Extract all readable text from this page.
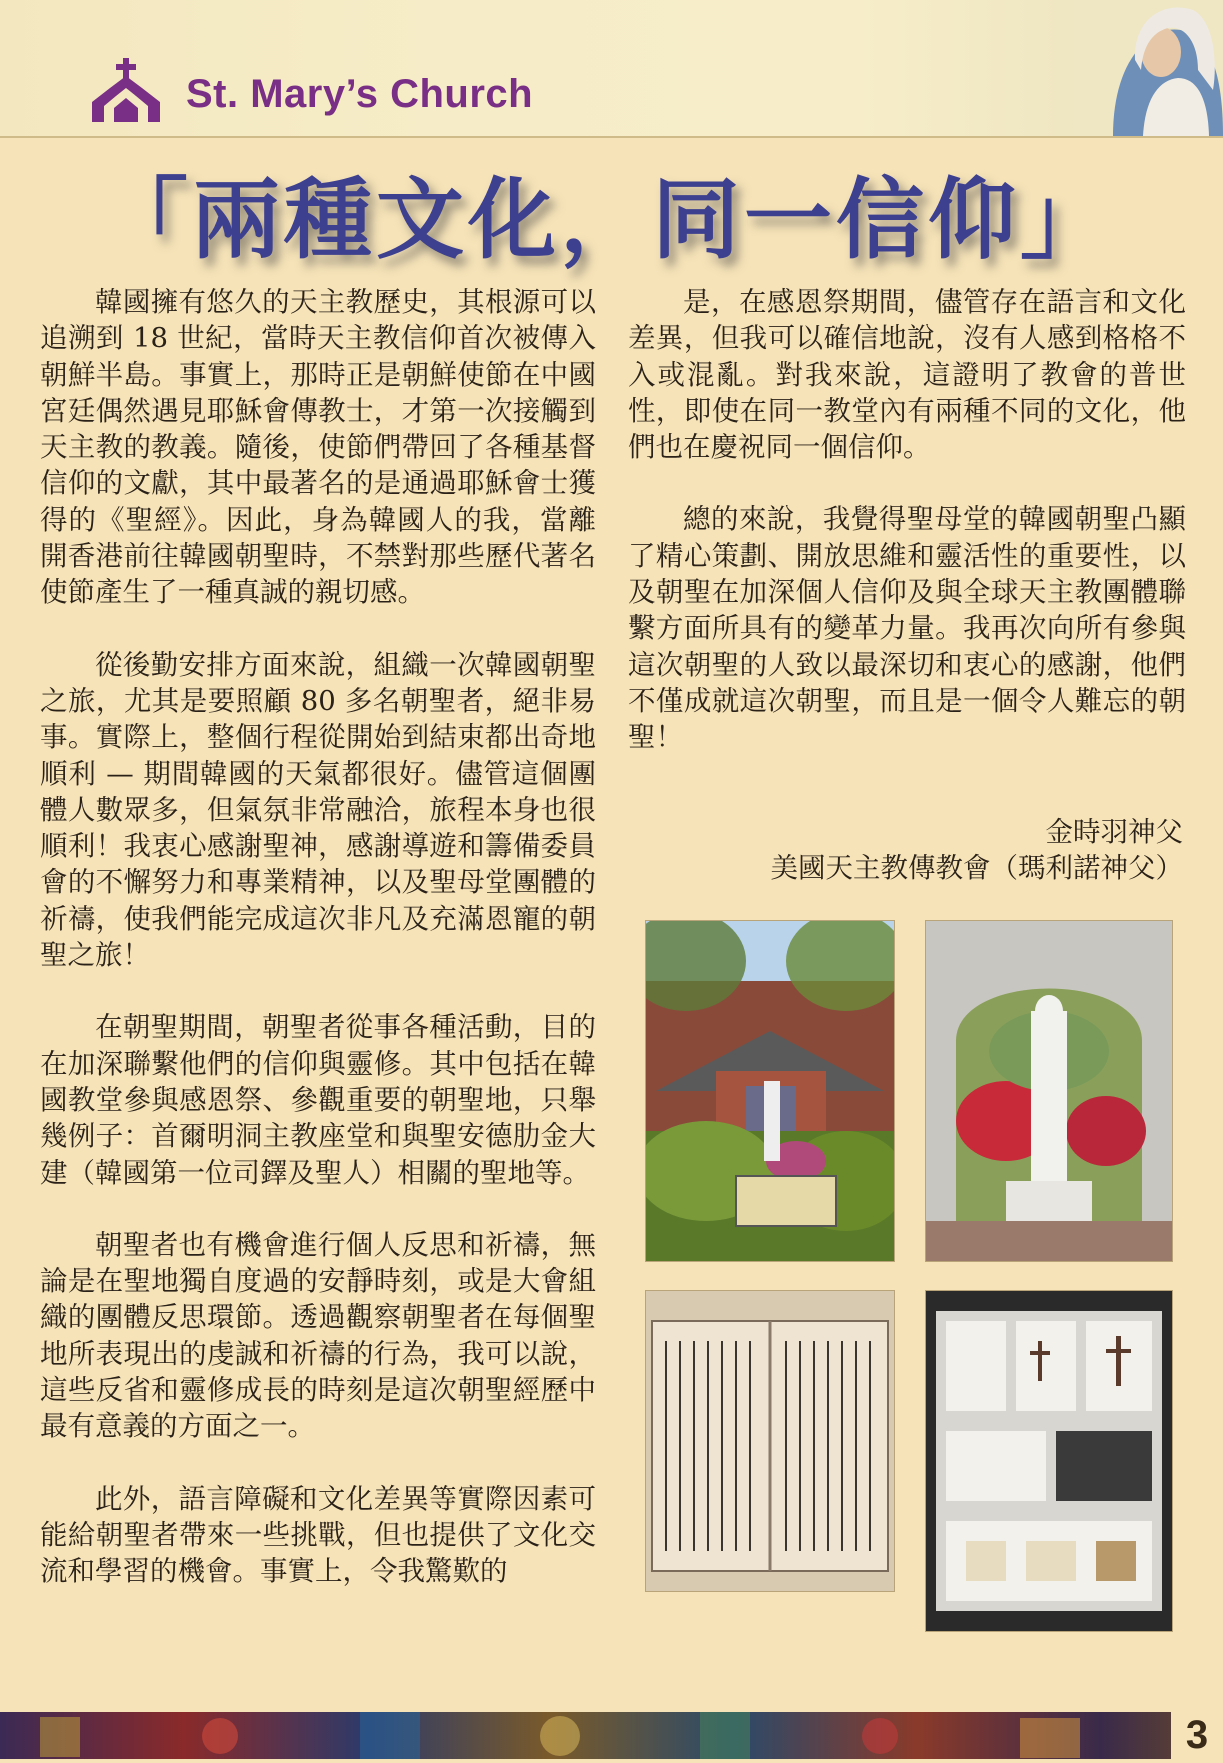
St. Mary’s Church
「兩種文化，同一信仰」

韓國擁有悠久的天主教歷史，其根源可以追溯到 18 世紀，當時天主教信仰首次被傳入朝鮮半島。事實上，那時正是朝鮮使節在中國宮廷偶然遇見耶穌會傳教士，才第一次接觸到天主教的教義。隨後，使節們帶回了各種基督信仰的文獻，其中最著名的是通過耶穌會士獲得的《聖經》。因此，身為韓國人的我，當離開香港前往韓國朝聖時，不禁對那些歷代著名使節產生了一種真誠的親切感。

從後勤安排方面來說，組織一次韓國朝聖之旅，尤其是要照顧 80 多名朝聖者，絕非易事。實際上，整個行程從開始到結束都出奇地順利 — 期間韓國的天氣都很好。儘管這個團體人數眾多，但氣氛非常融洽，旅程本身也很順利！我衷心感謝聖神，感謝導遊和籌備委員會的不懈努力和專業精神，以及聖母堂團體的祈禱，使我們能完成這次非凡及充滿恩寵的朝聖之旅！

在朝聖期間，朝聖者從事各種活動，目的在加深聯繫他們的信仰與靈修。其中包括在韓國教堂參與感恩祭、參觀重要的朝聖地，只舉幾例子：首爾明洞主教座堂和與聖安德肋金大建（韓國第一位司鐸及聖人）相關的聖地等。

朝聖者也有機會進行個人反思和祈禱，無論是在聖地獨自度過的安靜時刻，或是大會組織的團體反思環節。透過觀察朝聖者在每個聖地所表現出的虔誠和祈禱的行為，我可以說，這些反省和靈修成長的時刻是這次朝聖經歷中最有意義的方面之一。

此外，語言障礙和文化差異等實際因素可能給朝聖者帶來一些挑戰，但也提供了文化交流和學習的機會。事實上，令我驚歎的

是，在感恩祭期間，儘管存在語言和文化差異，但我可以確信地說，沒有人感到格格不入或混亂。對我來說，這證明了教會的普世性，即使在同一教堂內有兩種不同的文化，他們也在慶祝同一個信仰。

總的來說，我覺得聖母堂的韓國朝聖凸顯了精心策劃、開放思維和靈活性的重要性，以及朝聖在加深個人信仰及與全球天主教團體聯繫方面所具有的變革力量。我再次向所有參與這次朝聖的人致以最深切和衷心的感謝，他們不僅成就這次朝聖，而且是一個令人難忘的朝聖！

金時羽神父
美國天主教傳教會（瑪利諾神父）
3
